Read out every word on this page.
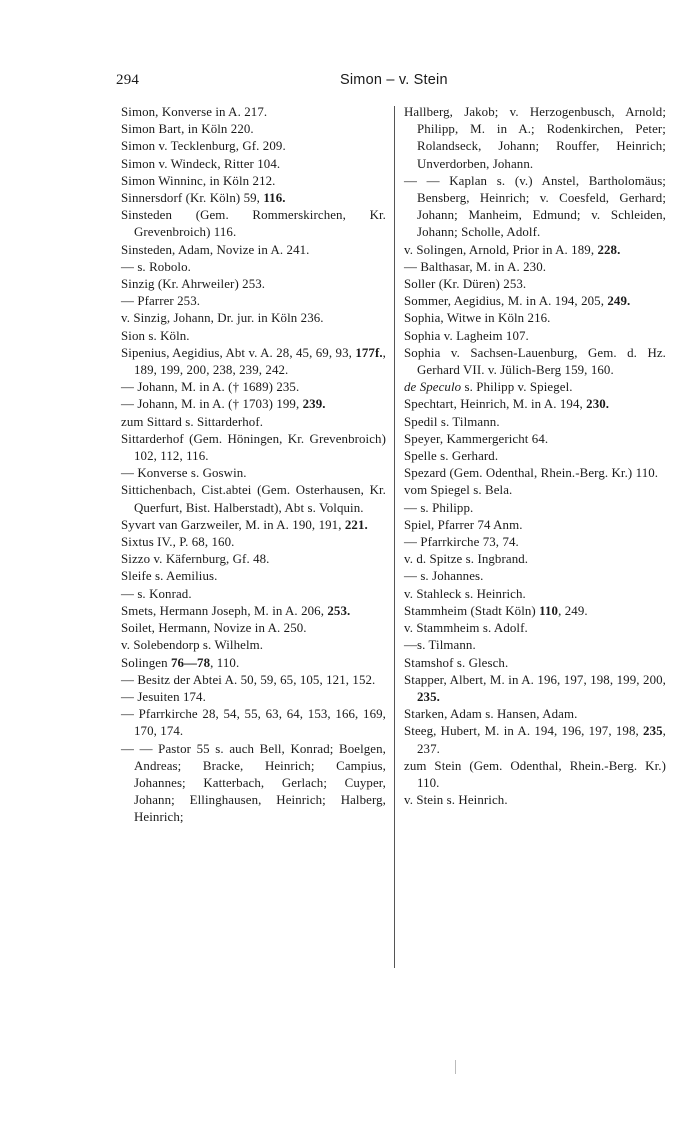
294	Simon – v. Stein
Simon, Konverse in A. 217.
Simon Bart, in Köln 220.
Simon v. Tecklenburg, Gf. 209.
Simon v. Windeck, Ritter 104.
Simon Winninc, in Köln 212.
Sinnersdorf (Kr. Köln) 59, 116.
Sinsteden (Gem. Rommerskirchen, Kr. Grevenbroich) 116.
Sinsteden, Adam, Novize in A. 241.
— s. Robolo.
Sinzig (Kr. Ahrweiler) 253.
— Pfarrer 253.
v. Sinzig, Johann, Dr. jur. in Köln 236.
Sion s. Köln.
Sipenius, Aegidius, Abt v. A. 28, 45, 69, 93, 177f., 189, 199, 200, 238, 239, 242.
— Johann, M. in A. († 1689) 235.
— Johann, M. in A. († 1703) 199, 239.
zum Sittard s. Sittarderhof.
Sittarderhof (Gem. Höningen, Kr. Grevenbroich) 102, 112, 116.
— Konverse s. Goswin.
Sittichenbach, Cist.abtei (Gem. Osterhausen, Kr. Querfurt, Bist. Halberstadt), Abt s. Volquin.
Syvart van Garzweiler, M. in A. 190, 191, 221.
Sixtus IV., P. 68, 160.
Sizzo v. Käfernburg, Gf. 48.
Sleife s. Aemilius.
— s. Konrad.
Smets, Hermann Joseph, M. in A. 206, 253.
Soilet, Hermann, Novize in A. 250.
v. Solebendorp s. Wilhelm.
Solingen 76—78, 110.
— Besitz der Abtei A. 50, 59, 65, 105, 121, 152.
— Jesuiten 174.
— Pfarrkirche 28, 54, 55, 63, 64, 153, 166, 169, 170, 174.
— — Pastor 55 s. auch Bell, Konrad; Boelgen, Andreas; Bracke, Heinrich; Campius, Johannes; Katterbach, Gerlach; Cuyper, Johann; Ellinghausen, Heinrich; Halberg, Heinrich;
Hallberg, Jakob; v. Herzogenbusch, Arnold; Philipp, M. in A.; Rodenkirchen, Peter; Rolandseck, Johann; Rouffer, Heinrich; Unverdorben, Johann.
— — Kaplan s. (v.) Anstel, Bartholomäus; Bensberg, Heinrich; v. Coesfeld, Gerhard; Johann; Manheim, Edmund; v. Schleiden, Johann; Scholle, Adolf.
v. Solingen, Arnold, Prior in A. 189, 228.
— Balthasar, M. in A. 230.
Soller (Kr. Düren) 253.
Sommer, Aegidius, M. in A. 194, 205, 249.
Sophia, Witwe in Köln 216.
Sophia v. Lagheim 107.
Sophia v. Sachsen-Lauenburg, Gem. d. Hz. Gerhard VII. v. Jülich-Berg 159, 160.
de Speculo s. Philipp v. Spiegel.
Spechtart, Heinrich, M. in A. 194, 230.
Spedil s. Tilmann.
Speyer, Kammergericht 64.
Spelle s. Gerhard.
Spezard (Gem. Odenthal, Rhein.-Berg. Kr.) 110.
vom Spiegel s. Bela.
— s. Philipp.
Spiel, Pfarrer 74 Anm.
— Pfarrkirche 73, 74.
v. d. Spitze s. Ingbrand.
— s. Johannes.
v. Stahleck s. Heinrich.
Stammheim (Stadt Köln) 110, 249.
v. Stammheim s. Adolf.
—s. Tilmann.
Stamshof s. Glesch.
Stapper, Albert, M. in A. 196, 197, 198, 199, 200, 235.
Starken, Adam s. Hansen, Adam.
Steeg, Hubert, M. in A. 194, 196, 197, 198, 235, 237.
zum Stein (Gem. Odenthal, Rhein.-Berg. Kr.) 110.
v. Stein s. Heinrich.
